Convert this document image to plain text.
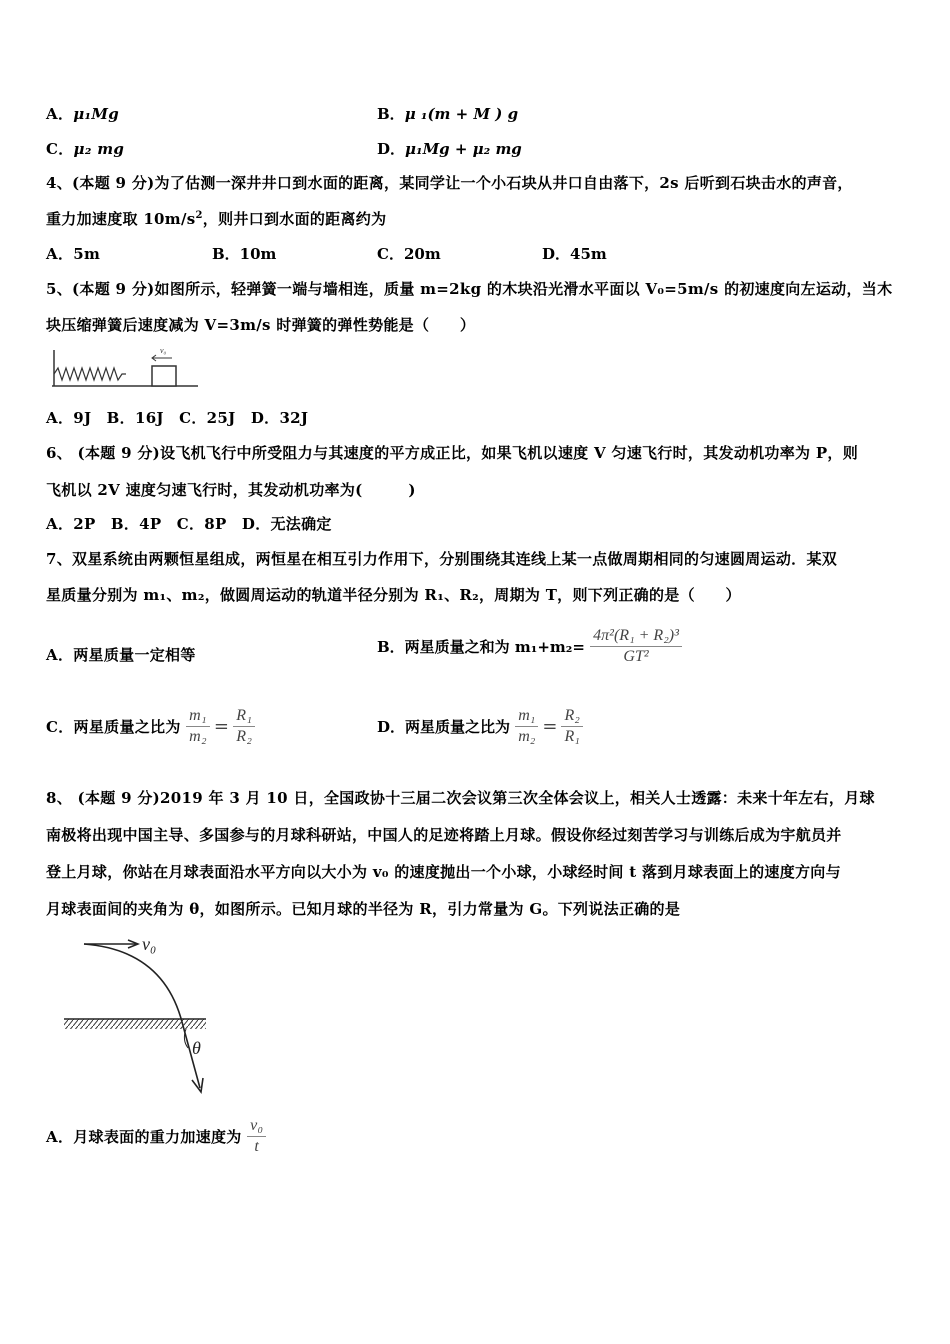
A．μ₁Mg	B．μ ₁(m + M ) g
C．μ₂ mg	D．μ₁Mg + μ₂ mg
4、(本题 9 分)为了估测一深井井口到水面的距离，某同学让一个小石块从井口自由落下，2s 后听到石块击水的声音，
重力加速度取 $10m/s^2$，则井口到水面的距离约为
A．5m	B．10m	C．20m	D．45m
5、(本题 9 分)如图所示，轻弹簧一端与墙相连，质量 m=2kg 的木块沿光滑水平面以 V₀=5m/s 的初速度向左运动，当木
块压缩弹簧后速度减为 V=3m/s 时弹簧的弹性势能是（　　）
v₀
A．9J　B．16J　C．25J　D．32J
6、 (本题 9 分)设飞机飞行中所受阻力与其速度的平方成正比，如果飞机以速度 V 匀速飞行时，其发动机功率为 P，则
飞机以 2V 速度匀速飞行时，其发动机功率为(　　　)
A．2P　B．4P　C．8P　D．无法确定
7、双星系统由两颗恒星组成，两恒星在相互引力作用下，分别围绕其连线上某一点做周期相同的匀速圆周运动．某双
星质量分别为 m₁、m₂，做圆周运动的轨道半径分别为 R₁、R₂，周期为 T，则下列正确的是（　　）
A．两星质量一定相等	B．两星质量之和为 $m_1+m_2= \frac{\text{4π²(R₁ + R₂)³}}{\text{GT²}}$
C．两星质量之比为 $\frac{\text{m₁}}{\text{m₂}} = \frac{\text{R₁}}{\text{R₂}}$	D．两星质量之比为 $\frac{\text{m₁}}{\text{m₂}} = \frac{\text{R₂}}{\text{R₁}}$
8、 (本题 9 分)2019 年 3 月 10 日，全国政协十三届二次会议第三次全体会议上，相关人士透露：未来十年左右，月球
南极将出现中国主导、多国参与的月球科研站，中国人的足迹将踏上月球。假设你经过刻苦学习与训练后成为宇航员并
登上月球，你站在月球表面沿水平方向以大小为 v₀ 的速度抛出一个小球，小球经时间 t 落到月球表面上的速度方向与
月球表面间的夹角为 θ，如图所示。已知月球的半径为 R，引力常量为 G。下列说法正确的是
v₀
θ
A．月球表面的重力加速度为 $\frac{\text{v₀}}{t}$
